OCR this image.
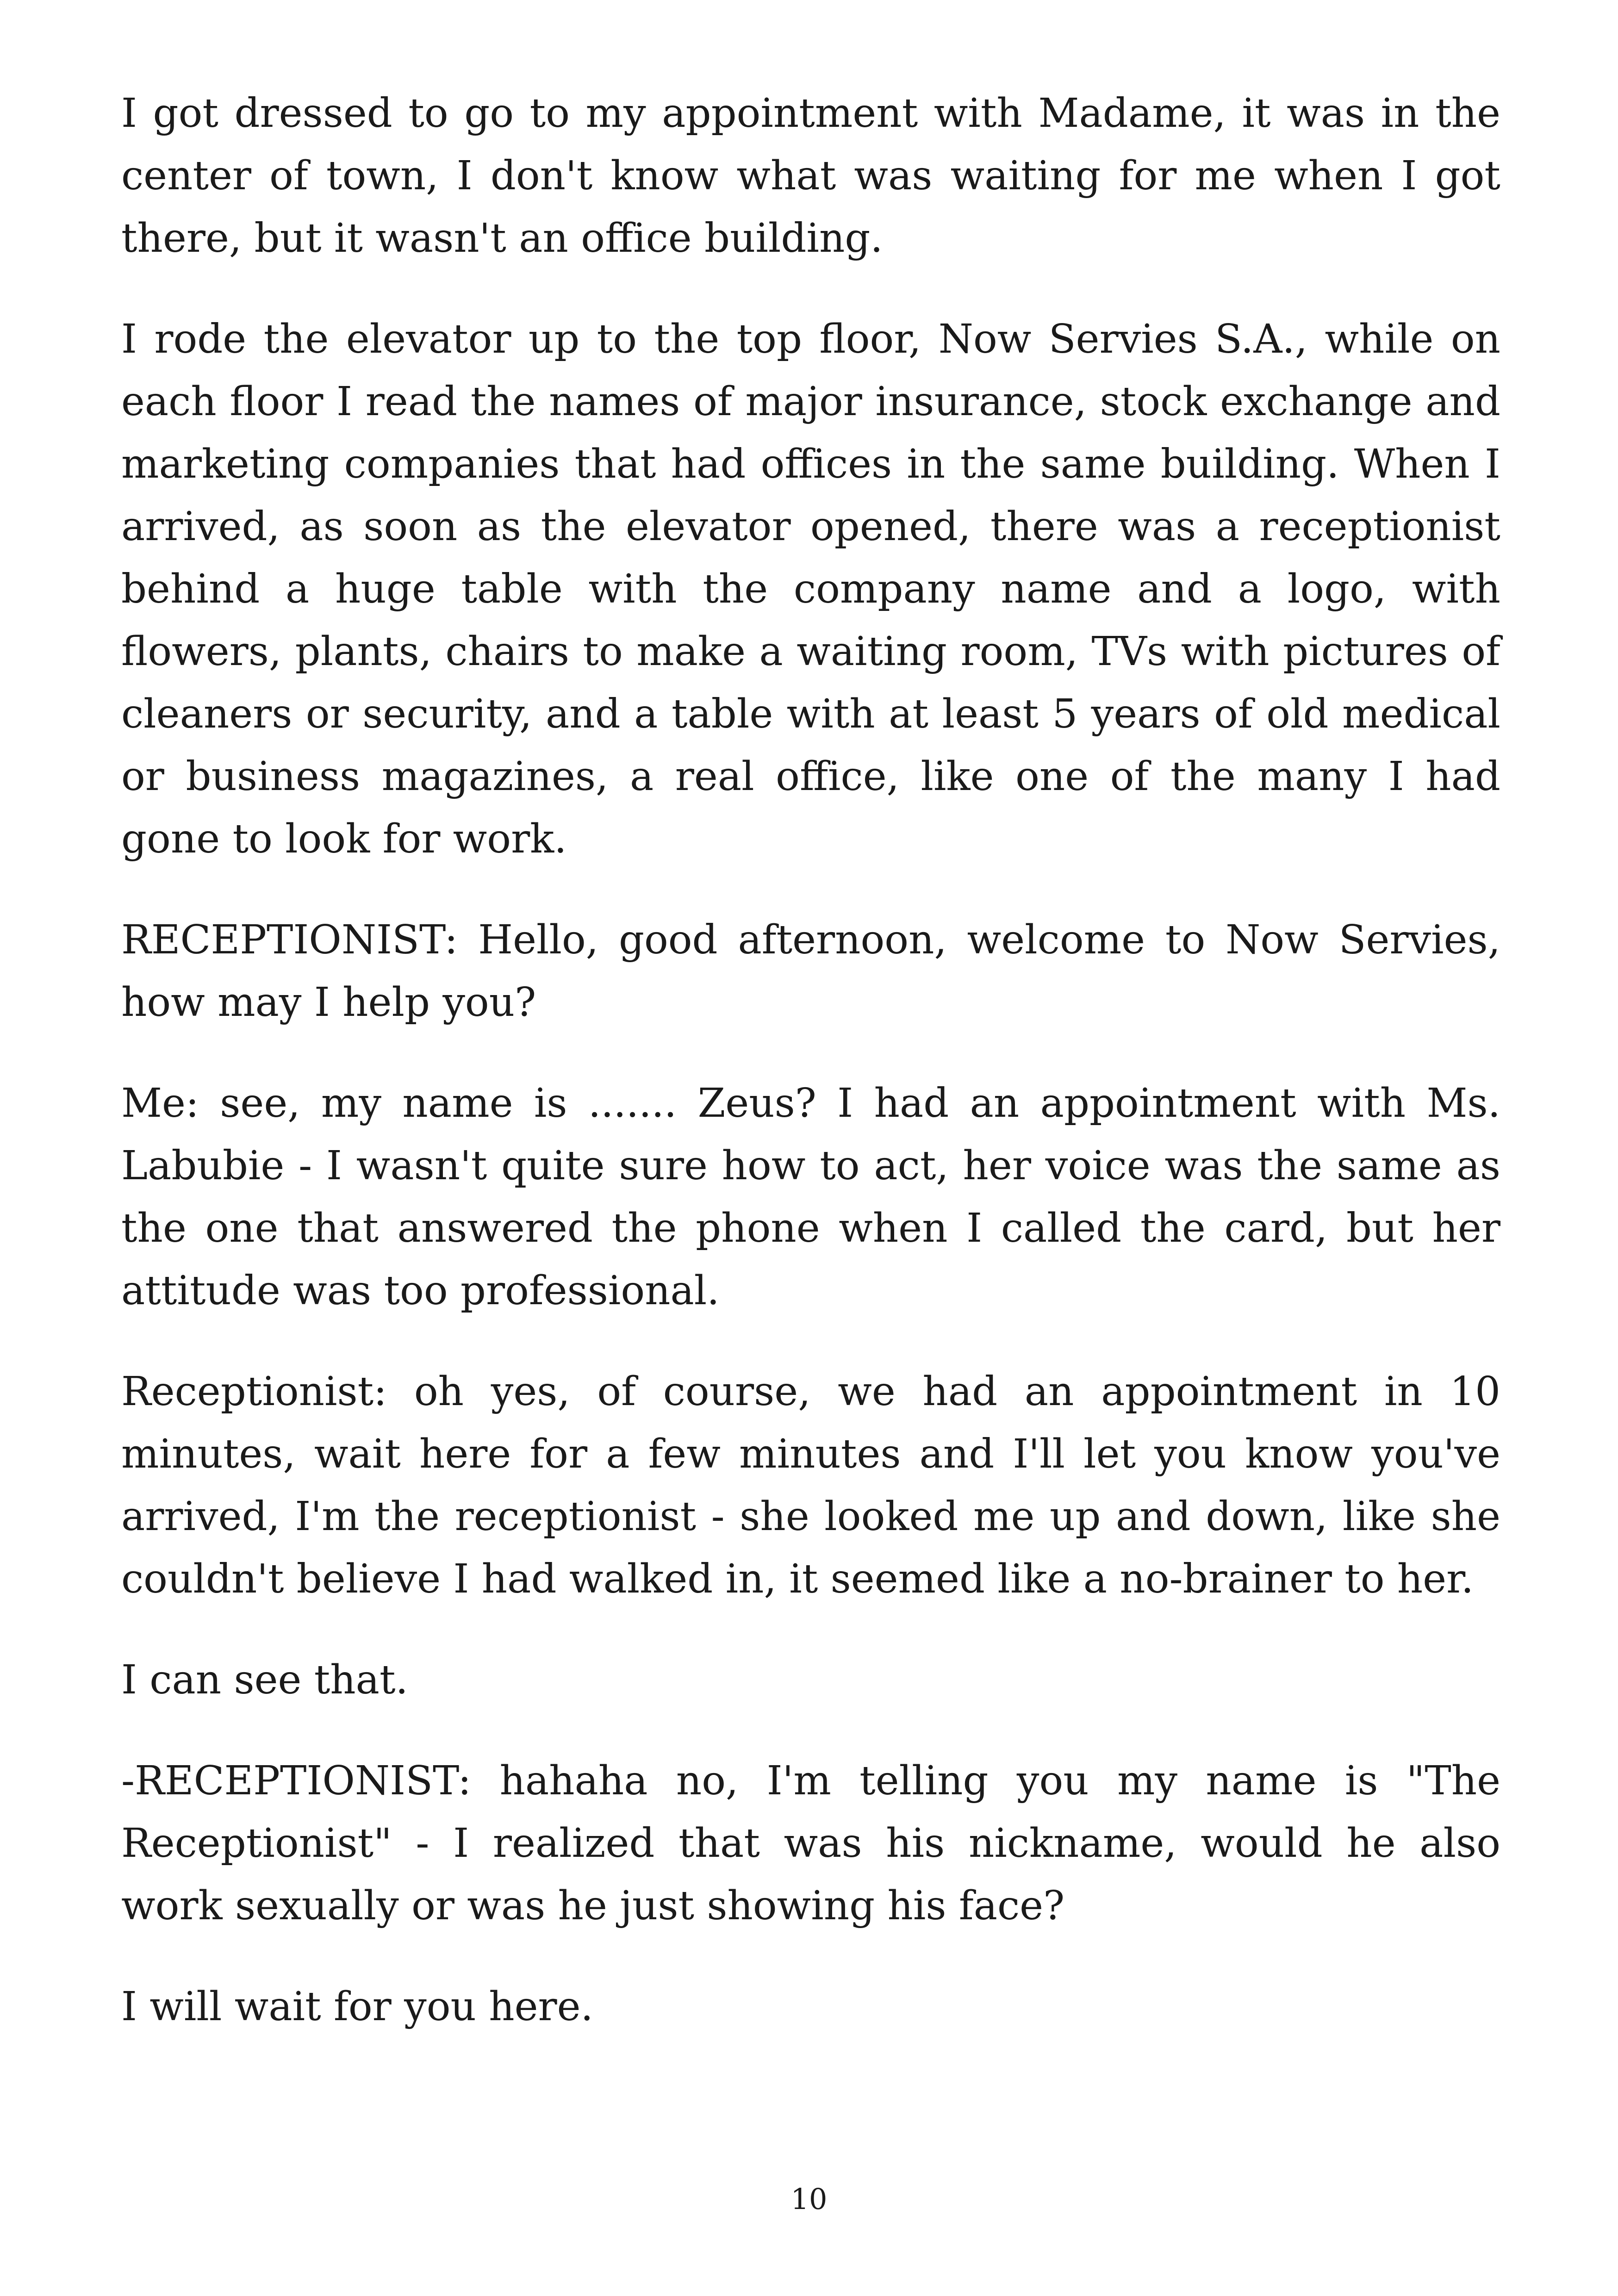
I got dressed to go to my appointment with Madame, it was in the center of town, I don't know what was waiting for me when I got there, but it wasn't an office building.

I rode the elevator up to the top floor, Now Servies S.A., while on each floor I read the names of major insurance, stock exchange and marketing companies that had offices in the same building. When I arrived, as soon as the elevator opened, there was a receptionist behind a huge table with the company name and a logo, with flowers, plants, chairs to make a waiting room, TVs with pictures of cleaners or security, and a table with at least 5 years of old medical or business magazines, a real office, like one of the many I had gone to look for work.

RECEPTIONIST: Hello, good afternoon, welcome to Now Servies, how may I help you?

Me: see, my name is ....... Zeus? I had an appointment with Ms. Labubie - I wasn't quite sure how to act, her voice was the same as the one that answered the phone when I called the card, but her attitude was too professional.

Receptionist: oh yes, of course, we had an appointment in 10 minutes, wait here for a few minutes and I'll let you know you've arrived, I'm the receptionist - she looked me up and down, like she couldn't believe I had walked in, it seemed like a no-brainer to her.

I can see that.

-RECEPTIONIST: hahaha no, I'm telling you my name is "The Receptionist" - I realized that was his nickname, would he also work sexually or was he just showing his face?

I will wait for you here.

10
